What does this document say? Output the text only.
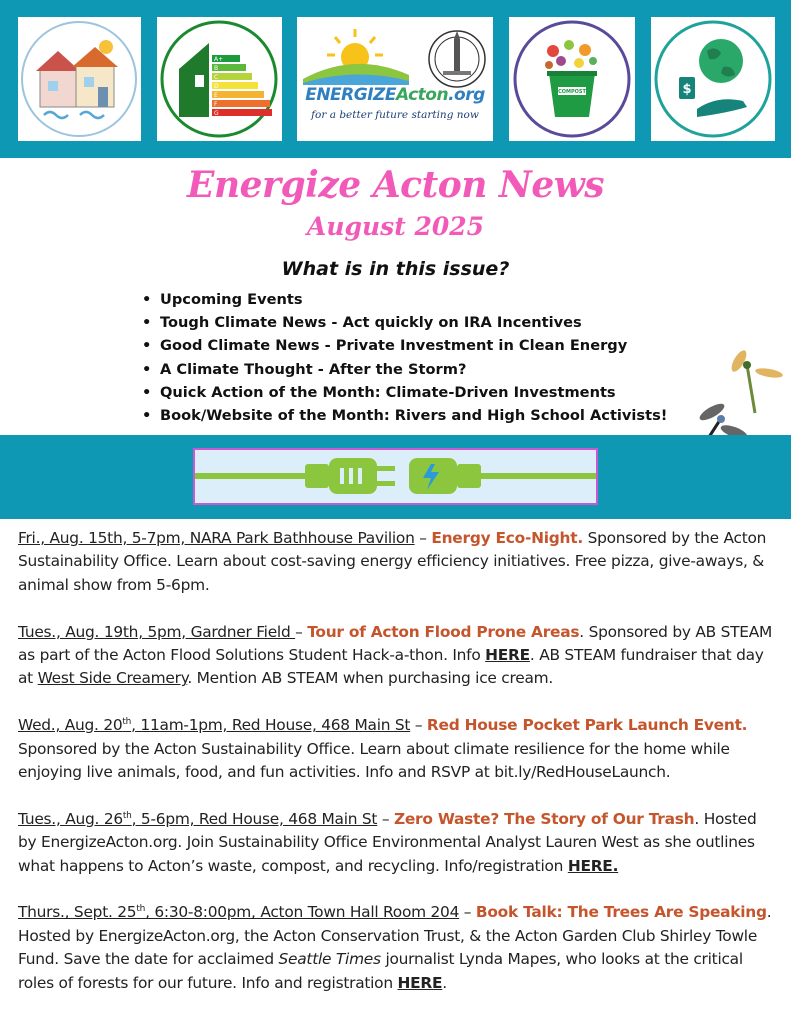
A+
B
C
D
E
F
G
ENERGIZEActon.org
for a better future starting now
COMPOST	$
Energize Acton News
August 2025
What is in this issue?
• Upcoming Events
• Tough Climate News - Act quickly on IRA Incentives
• Good Climate News - Private Investment in Clean Energy
• A Climate Thought - After the Storm?
• Quick Action of the Month: Climate-Driven Investments
• Book/Website of the Month: Rivers and High School Activists!

Fri., Aug. 15th, 5-7pm, NARA Park Bathhouse Pavilion – Energy Eco-Night. Sponsored by the Acton Sustainability Office. Learn about cost-saving energy efficiency initiatives. Free pizza, give-aways, & animal show from 5-6pm.

Tues., Aug. 19th, 5pm, Gardner Field – Tour of Acton Flood Prone Areas. Sponsored by AB STEAM as part of the Acton Flood Solutions Student Hack-a-thon. Info HERE. AB STEAM fundraiser that day at West Side Creamery. Mention AB STEAM when purchasing ice cream.

Wed., Aug. 20th, 11am-1pm, Red House, 468 Main St – Red House Pocket Park Launch Event. Sponsored by the Acton Sustainability Office. Learn about climate resilience for the home while enjoying live animals, food, and fun activities. Info and RSVP at bit.ly/RedHouseLaunch.

Tues., Aug. 26th, 5-6pm, Red House, 468 Main St – Zero Waste? The Story of Our Trash. Hosted by EnergizeActon.org. Join Sustainability Office Environmental Analyst Lauren West as she outlines what happens to Acton’s waste, compost, and recycling. Info/registration HERE.

Thurs., Sept. 25th, 6:30-8:00pm, Acton Town Hall Room 204 – Book Talk: The Trees Are Speaking. Hosted by EnergizeActon.org, the Acton Conservation Trust, & the Acton Garden Club Shirley Towle Fund. Save the date for acclaimed Seattle Times journalist Lynda Mapes, who looks at the critical roles of forests for our future. Info and registration HERE.
